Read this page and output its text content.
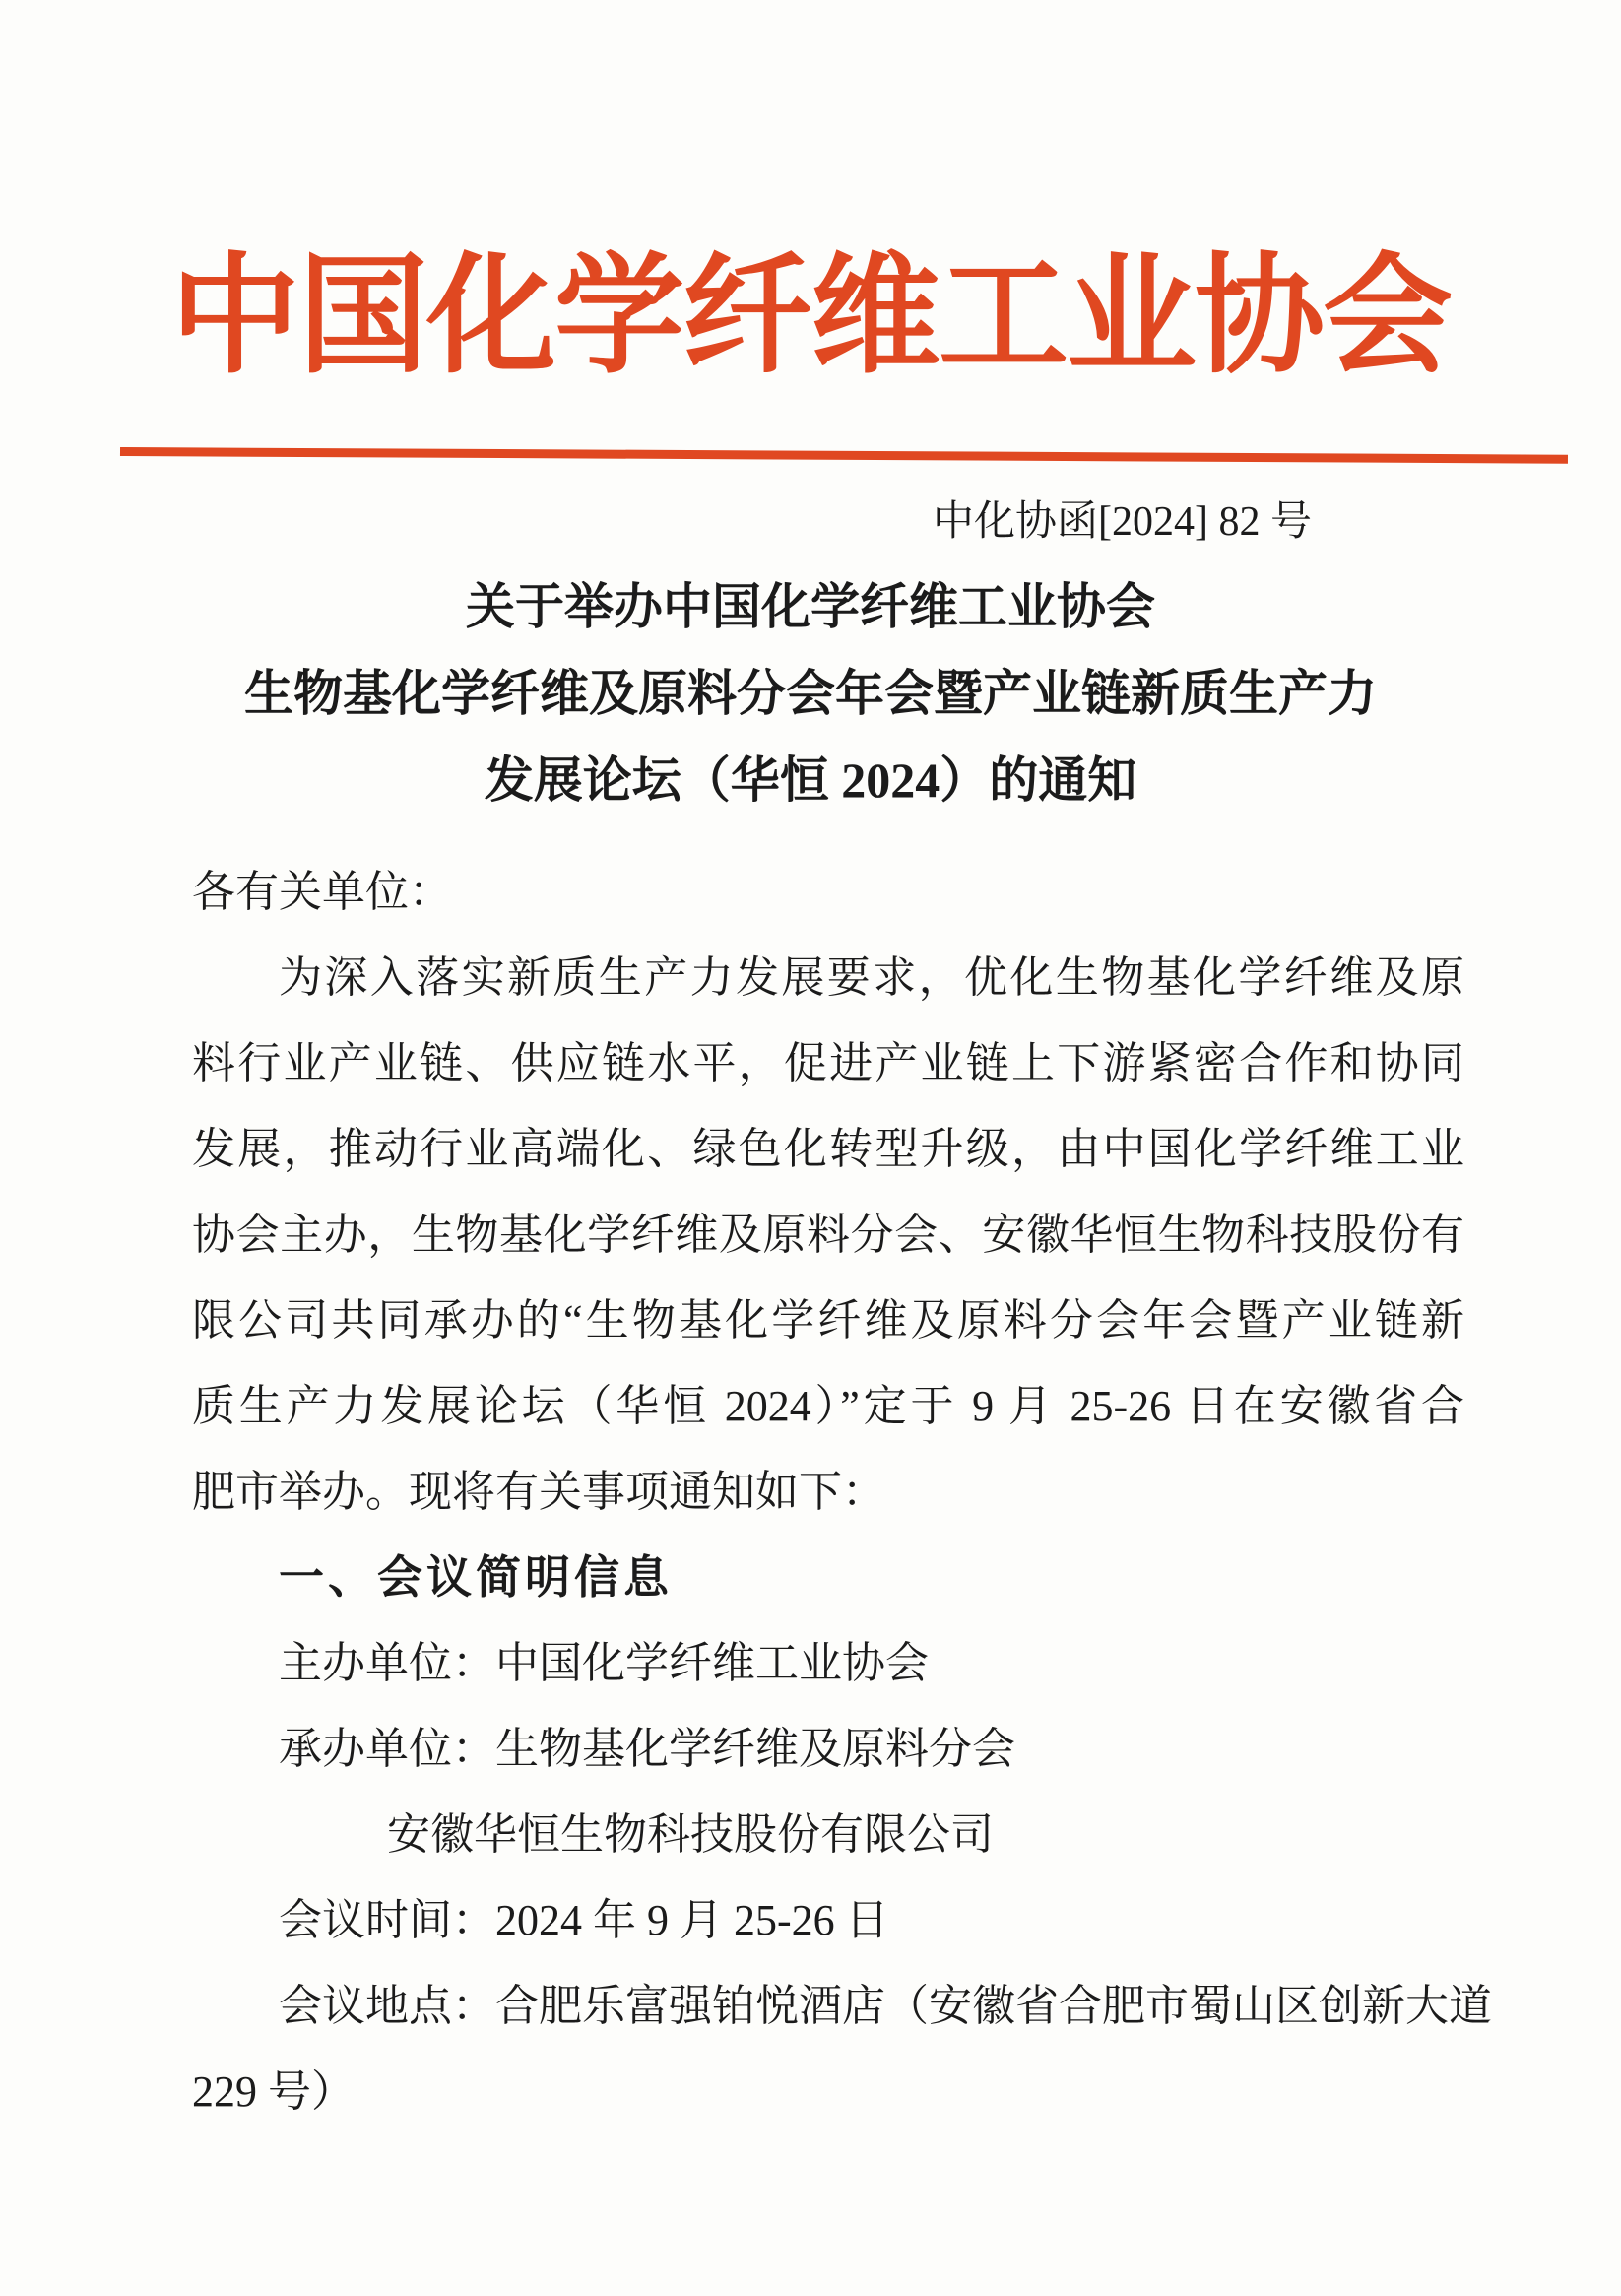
中国化学纤维工业协会
中化协函[2024] 82 号
关于举办中国化学纤维工业协会
生物基化学纤维及原料分会年会暨产业链新质生产力
发展论坛（华恒 2024）的通知
各有关单位：
为深入落实新质生产力发展要求，优化生物基化学纤维及原
料行业产业链、供应链水平，促进产业链上下游紧密合作和协同
发展，推动行业高端化、绿色化转型升级，由中国化学纤维工业
协会主办，生物基化学纤维及原料分会、安徽华恒生物科技股份有
限公司共同承办的“生物基化学纤维及原料分会年会暨产业链新
质生产力发展论坛（华恒 2024）”定于 9 月 25-26 日在安徽省合
肥市举办。现将有关事项通知如下：
一、会议简明信息
主办单位：中国化学纤维工业协会
承办单位：生物基化学纤维及原料分会
安徽华恒生物科技股份有限公司
会议时间：2024 年 9 月 25-26 日
会议地点：合肥乐富强铂悦酒店（安徽省合肥市蜀山区创新大道
229 号）
